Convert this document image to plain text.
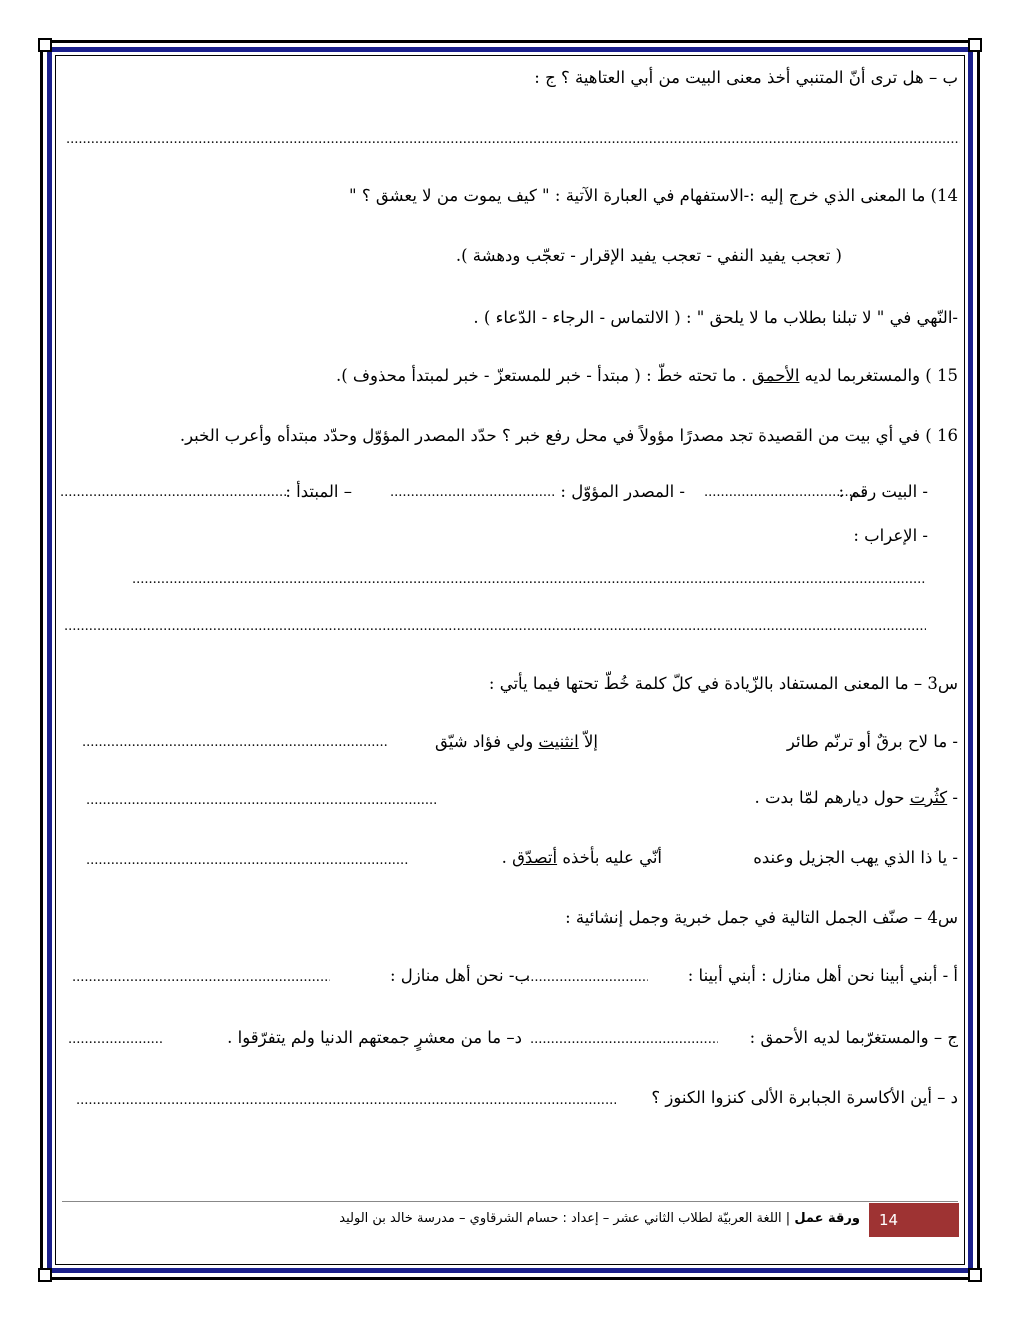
ب – هل ترى أنّ المتنبي أخذ معنى البيت من أبي العتاهية ؟ ج :
.....
14) ما المعنى الذي خرج إليه :-الاستفهام في العبارة الآتية : " كيف يموت من لا يعشق ؟ "
( تعجب يفيد النفي - تعجب يفيد الإقرار - تعجّب ودهشة ).
-النّهي في " لا تبلنا بطلاب ما لا يلحق " : ( الالتماس - الرجاء - الدّعاء ) .
15 ) والمستغربما لديه الأحمق . ما تحته خطّ : ( مبتدأ - خبر للمستعزّ - خبر لمبتدأ محذوف ).
16 ) في أي بيت من القصيدة تجد مصدرًا مؤولاً في محل رفع خبر ؟ حدّد المصدر المؤوّل وحدّد مبتدأه وأعرب الخبر.
- البيت رقم :
.....
- المصدر المؤوّل :
.....
– المبتدأ :
.....
- الإعراب :
.....
.....
س3 – ما المعنى المستفاد بالزّيادة في كلّ كلمة خُطّ تحتها فيما يأتي :
- ما لاح برقٌ أو ترنّم طائر
إلاّ انثنيت ولي فؤاد شيّق
.....
- كثُرت حول ديارهم لمّا بدت .
.....
- يا ذا الذي يهب الجزيل وعنده
أنّي عليه بأخذه أتصدّق .
.....
س4 – صنّف الجمل التالية في جمل خبرية وجمل إنشائية :
أ - أبني أبينا نحن أهل منازل : أبني أبينا :
.....
ب- نحن أهل منازل :
.....
ج – والمستغرّبما لديه الأحمق :
.....
د– ما من معشرٍ جمعتهم الدنيا ولم يتفرّقوا .
.....
د – أين الأكاسرة الجبابرة الألى كنزوا الكنوز ؟
.....
ورقة عمل | اللغة العربيّة لطلاب الثاني عشر – إعداد : حسام الشرقاوي – مدرسة خالد بن الوليد	14
